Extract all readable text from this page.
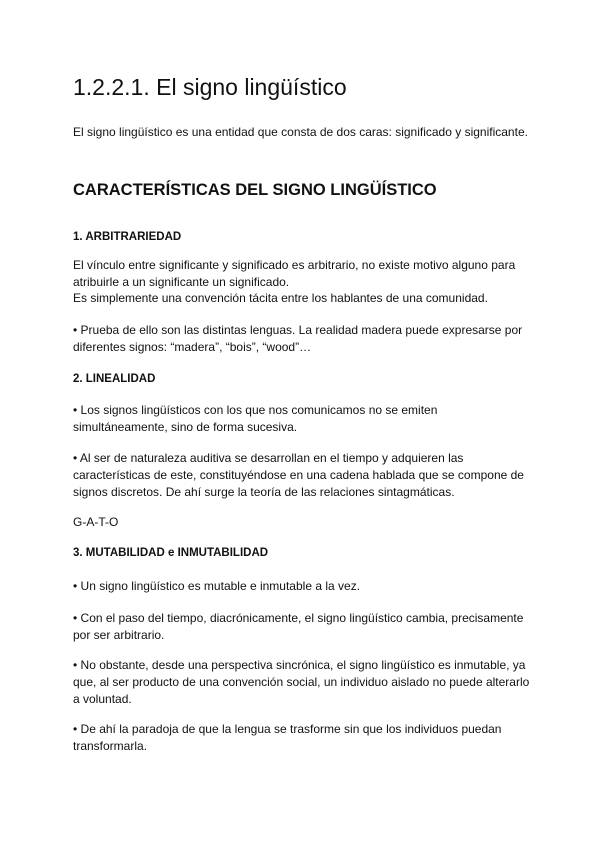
1.2.2.1. El signo lingüístico

El signo lingüístico es una entidad que consta de dos caras: significado y significante.

CARACTERÍSTICAS DEL SIGNO LINGÜÍSTICO
1. ARBITRARIEDAD

El vínculo entre significante y significado es arbitrario, no existe motivo alguno para atribuirle a un significante un significado.

Es simplemente una convención tácita entre los hablantes de una comunidad.

• Prueba de ello son las distintas lenguas. La realidad madera puede expresarse por diferentes signos: “madera”, “bois”, “wood”…

2. LINEALIDAD

• Los signos lingüísticos con los que nos comunicamos no se emiten simultáneamente, sino de forma sucesiva.

• Al ser de naturaleza auditiva se desarrollan en el tiempo y adquieren las características de este, constituyéndose en una cadena hablada que se compone de signos discretos. De ahí surge la teoría de las relaciones sintagmáticas.

G-A-T-O

3. MUTABILIDAD e INMUTABILIDAD

• Un signo lingüístico es mutable e inmutable a la vez.

• Con el paso del tiempo, diacrónicamente, el signo lingüístico cambia, precisamente por ser arbitrario.

• No obstante, desde una perspectiva sincrónica, el signo lingüístico es inmutable, ya que, al ser producto de una convención social, un individuo aislado no puede alterarlo a voluntad.

• De ahí la paradoja de que la lengua se trasforme sin que los individuos puedan transformarla.
